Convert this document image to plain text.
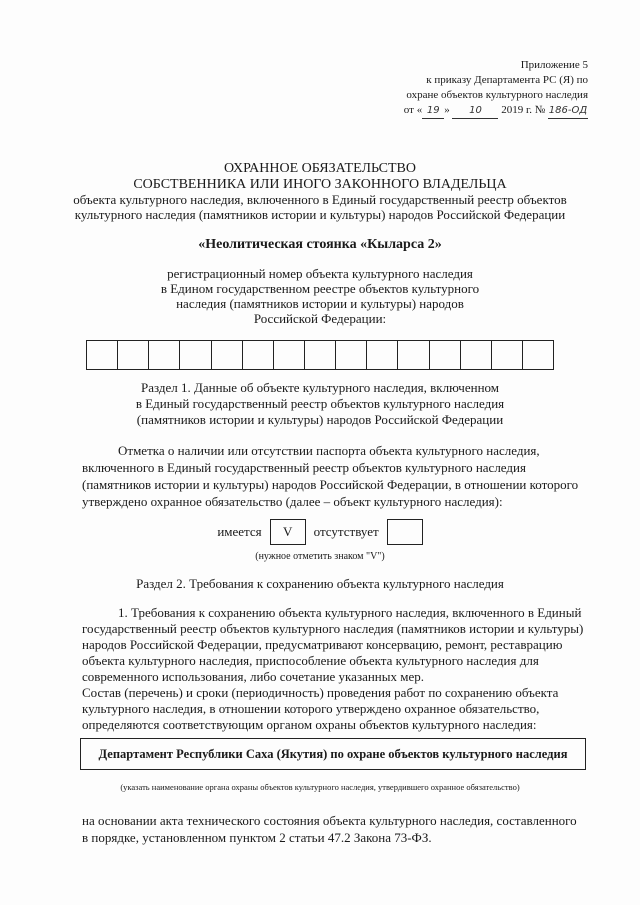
Приложение 5
к приказу Департамента РС (Я) по
охране объектов культурного наследия
от « 19 » 10 2019 г. № 186-ОД
ОХРАННОЕ ОБЯЗАТЕЛЬСТВО
СОБСТВЕННИКА ИЛИ ИНОГО ЗАКОННОГО ВЛАДЕЛЬЦА
объекта культурного наследия, включенного в Единый государственный реестр объектов
культурного наследия (памятников истории и культуры) народов Российской Федерации
«Неолитическая стоянка «Кыларса 2»
регистрационный номер объекта культурного наследия
в Едином государственном реестре объектов культурного
наследия (памятников истории и культуры) народов
Российской Федерации:
Раздел 1. Данные об объекте культурного наследия, включенном
в Единый государственный реестр объектов культурного наследия
(памятников истории и культуры) народов Российской Федерации
Отметка о наличии или отсутствии паспорта объекта культурного наследия,
включенного в Единый государственный реестр объектов культурного наследия
(памятников истории и культуры) народов Российской Федерации, в отношении которого
утверждено охранное обязательство (далее – объект культурного наследия):
имеется	V	отсутствует
(нужное отметить знаком "V")
Раздел 2. Требования к сохранению объекта культурного наследия
1. Требования к сохранению объекта культурного наследия, включенного в Единый
государственный реестр объектов культурного наследия (памятников истории и культуры)
народов Российской Федерации, предусматривают консервацию, ремонт, реставрацию
объекта культурного наследия, приспособление объекта культурного наследия для
современного использования, либо сочетание указанных мер.
Состав (перечень) и сроки (периодичность) проведения работ по сохранению объекта
культурного наследия, в отношении которого утверждено охранное обязательство,
определяются соответствующим органом охраны объектов культурного наследия:
Департамент Республики Саха (Якутия) по охране объектов культурного наследия
(указать наименование органа охраны объектов культурного наследия, утвердившего охранное обязательство)
на основании акта технического состояния объекта культурного наследия, составленного
в порядке, установленном пунктом 2 статьи 47.2 Закона 73-ФЗ.
